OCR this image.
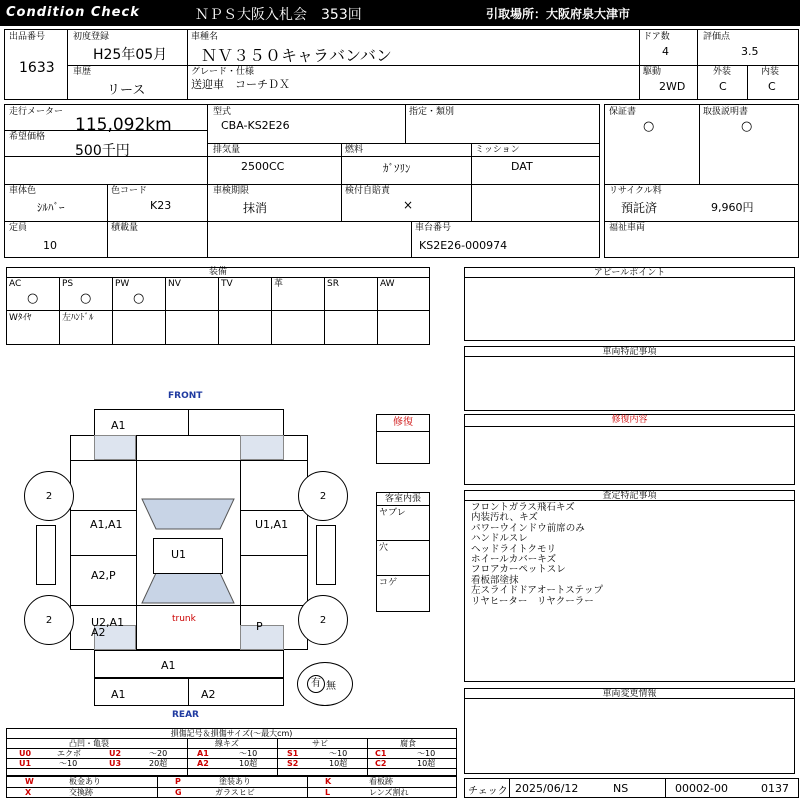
Condition Check	ＮＰＳ大阪入札会　353回	引取場所：大阪府泉大津市
出品番号
1633
初度登録
H25年05月
車種名
ＮＶ３５０キャラバンバン
ドア数
4
評価点
3.5
車歴
リース
グレード・仕様
送迎車　コーチＤＸ
駆動
2WD
外装
C
内装
C
走行メーター
115,092km
希望価格
500千円
型式
CBA-KS2E26
指定・類別
排気量
2500CC
燃料
ｶﾞｿﾘﾝ
ミッション
DAT
車体色
ｼﾙﾊﾞｰ
色コード
K23
車検期限
抹消
検付自賠責
×
定員
10
積載量	車台番号
KS2E26-000974
保証書
○
取扱説明書
○
リサイクル料
預託済	9,960円
福祉車両
装備
AC	PS	PW	NV	TV	革	SR	AW
○	○	○
Wﾀｲﾔ	左ﾊﾝﾄﾞﾙ
アピールポイント
車両特記事項
修復内容
査定特記事項
フロントガラス飛石キズ
内装汚れ、キズ
パワーウインドウ前席のみ
ハンドルスレ
ヘッドライトクモリ
ホイールカバーキズ
フロアカーペットスレ
看板部塗抹
左スライドドアオートステップ
リヤヒーター　リヤクーラー
車両変更情報
修復
客室内張
ヤブレ
穴
コゲ
FRONT
REAR
2	2
2	2
A1
A1,A1	U1,A1
U1
A2,P
U2,A1
A2
trunk
P
A1
A1	A2
有 無
損傷記号＆損傷サイズ(～最大cm)
凸凹・亀裂	線キズ	サビ	腐食
U0	エクボ	U2	～20	A1	～10	S1	～10	C1	～10
U1	～10	U3	20超	A2	10超	S2	10超	C2	10超
W	板金あり	P	塗装あり	K	看板跡
X	交換跡	G	ガラスヒビ	L	レンズ割れ	チェック 2025/06/12	NS	00002-00	0137
